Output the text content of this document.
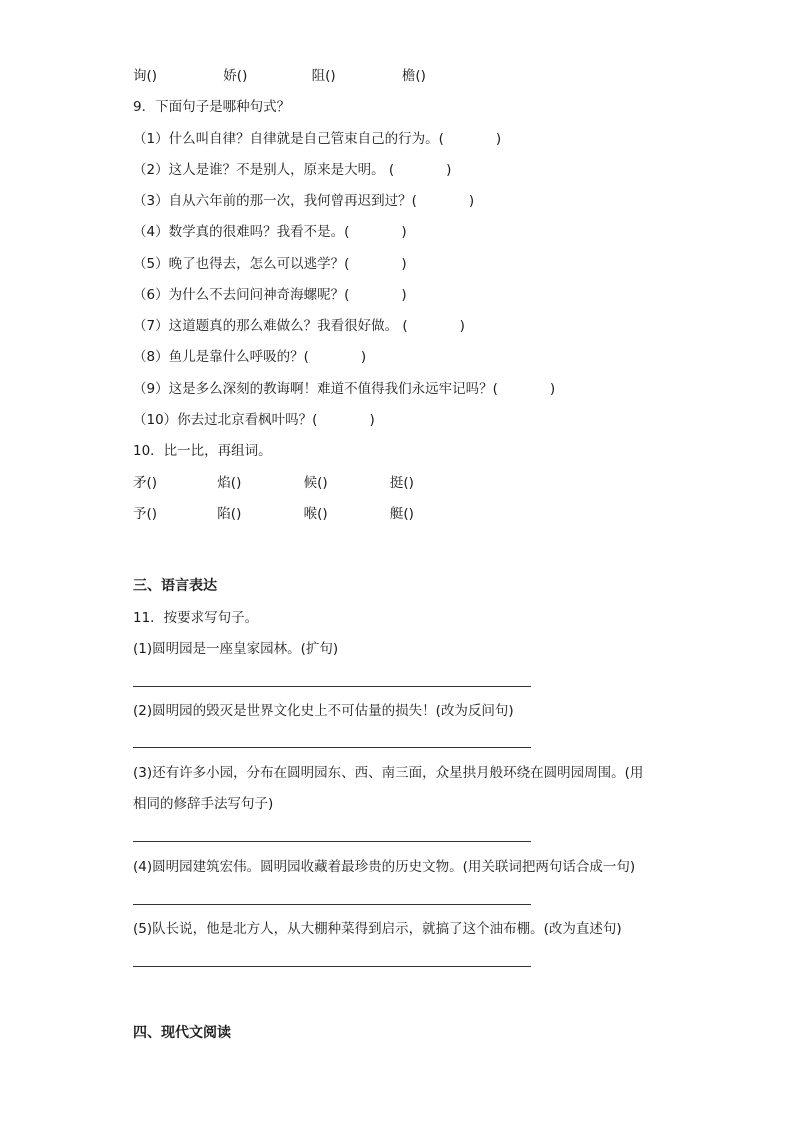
询()	娇()	阻()	檐()
9．下面句子是哪种句式？
（1）什么叫自律？自律就是自己管束自己的行为。(	)
（2）这人是谁？不是别人，原来是大明。 (	)
（3）自从六年前的那一次，我何曾再迟到过？(	)
（4）数学真的很难吗？我看不是。(	)
（5）晚了也得去，怎么可以逃学？(	)
（6）为什么不去问问神奇海螺呢？(	)
（7）这道题真的那么难做么？我看很好做。 (	)
（8）鱼儿是靠什么呼吸的？(	)
（9）这是多么深刻的教诲啊！难道不值得我们永远牢记吗？(	)
（10）你去过北京看枫叶吗？(	)
10．比一比，再组词。
矛()	焰()	候()	挺()
予()	陷()	喉()	艇()
三、语言表达
11．按要求写句子。
(1)圆明园是一座皇家园林。(扩句)
(2)圆明园的毁灭是世界文化史上不可估量的损失！(改为反问句)
(3)还有许多小园，分布在圆明园东、西、南三面，众星拱月般环绕在圆明园周围。(用
相同的修辞手法写句子)
(4)圆明园建筑宏伟。圆明园收藏着最珍贵的历史文物。(用关联词把两句话合成一句)
(5)队长说，他是北方人，从大棚种菜得到启示，就搞了这个油布棚。(改为直述句)
四、现代文阅读
